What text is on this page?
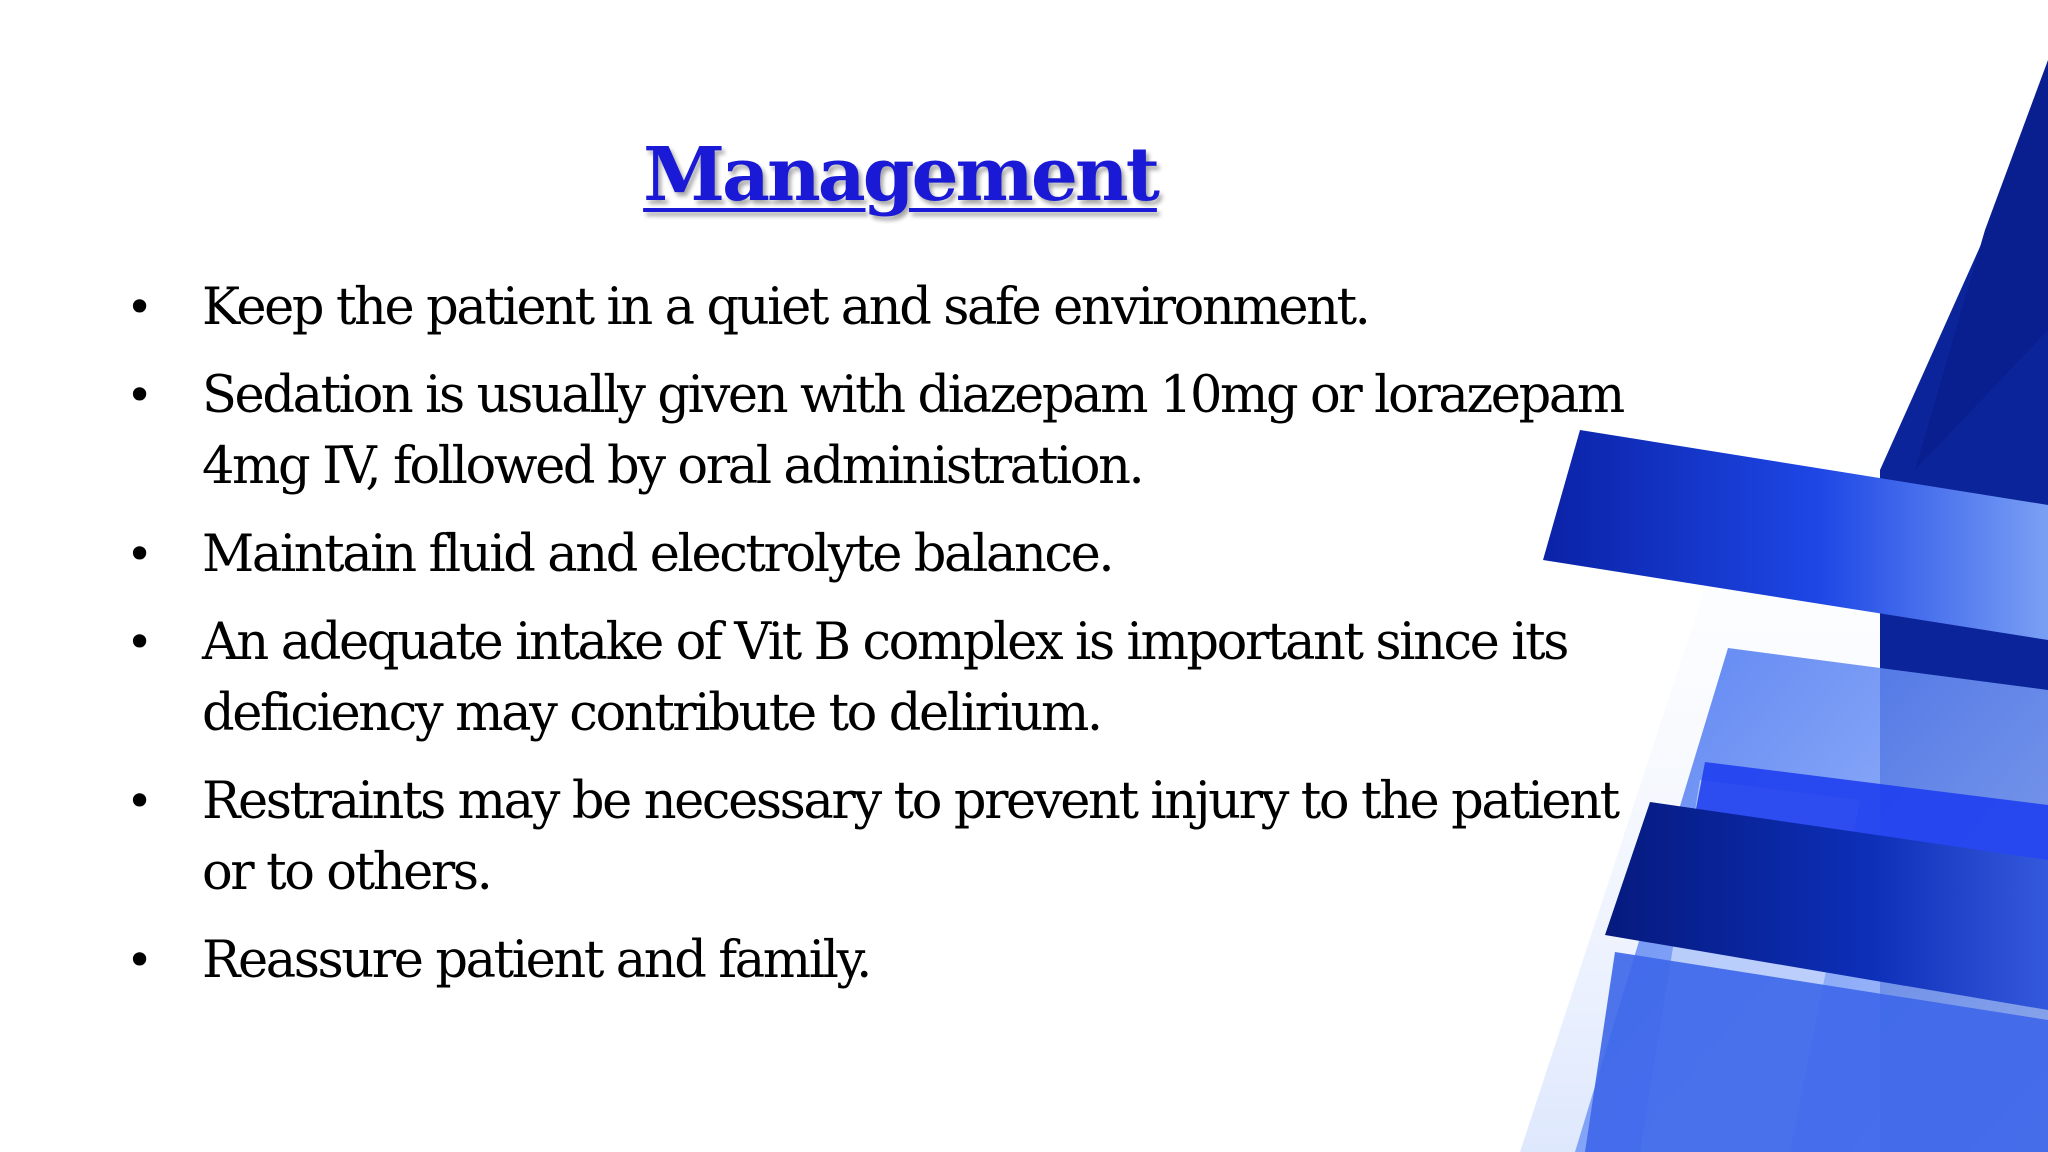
Management
• Keep the patient in a quiet and safe environment.
• Sedation is usually given with diazepam 10mg or lorazepam 4mg IV, followed by oral administration.
• Maintain fluid and electrolyte balance.
• An adequate intake of Vit B complex is important since its deficiency may contribute to delirium.
• Restraints may be necessary to prevent injury to the patient or to others.
• Reassure patient and family.
